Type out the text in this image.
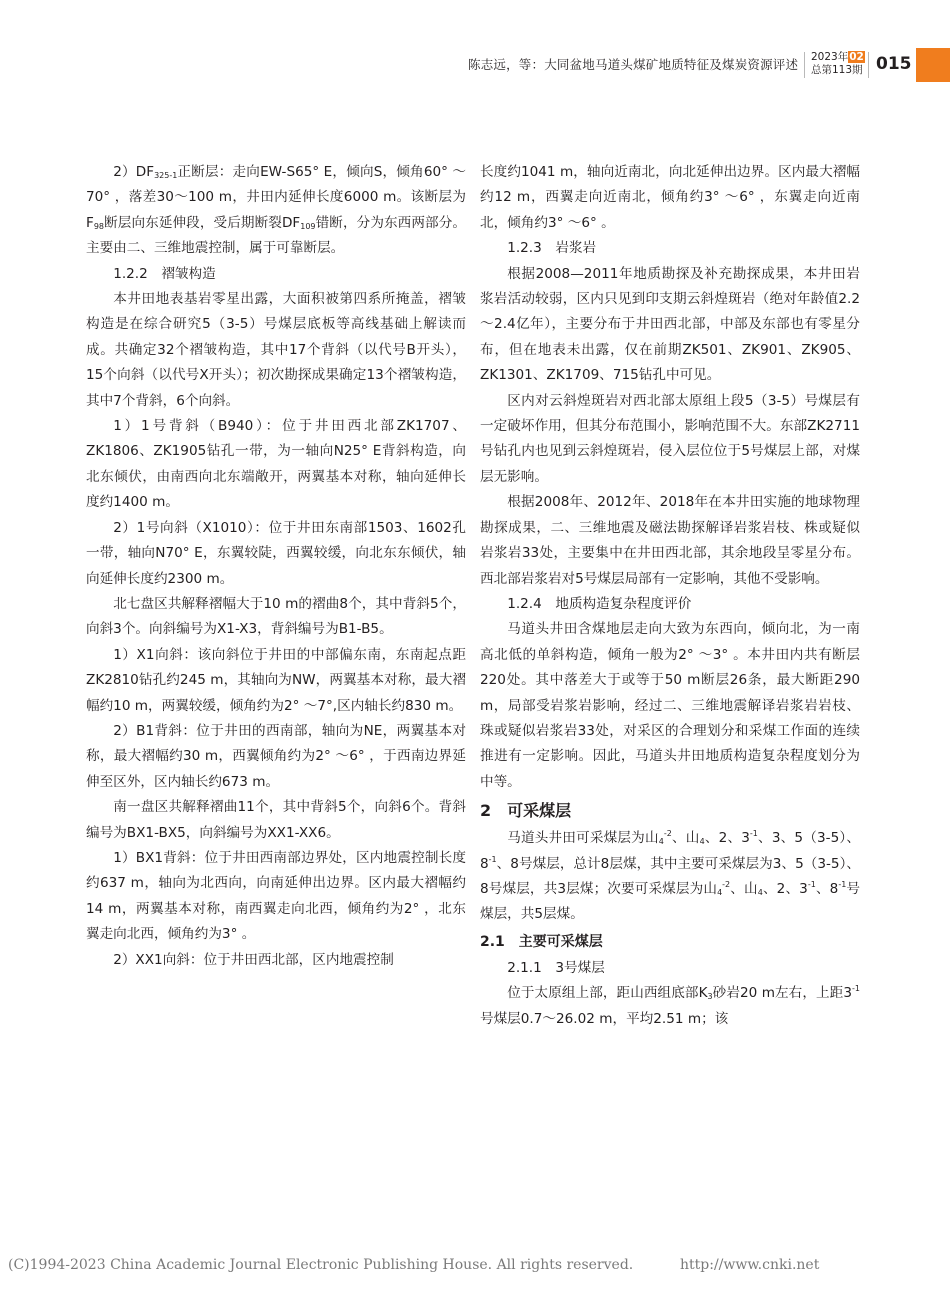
陈志远，等：大同盆地马道头煤矿地质特征及煤炭资源评述 2023年02
总第113期 015

$2)DF_{325-1}$正断层：走向EW-S65° E，倾向S，倾角60° ～70° ，落差30～100 m，井田内延伸长度6000 m。该断层为$F_{98}$断层向东延伸段，受后期断裂$DF_{109}$错断，分为东西两部分。主要由二、三维地震控制，属于可靠断层。

1.2.2　褶皱构造

本井田地表基岩零星出露，大面积被第四系所掩盖，褶皱构造是在综合研究5（3-5）号煤层底板等高线基础上解读而成。共确定32个褶皱构造，其中17个背斜（以代号B开头），15个向斜（以代号X开头）；初次勘探成果确定13个褶皱构造，其中7个背斜，6个向斜。

1）1号背斜（B940）：位于井田西北部ZK1707、ZK1806、ZK1905钻孔一带，为一轴向N25° E背斜构造，向北东倾伏，由南西向北东端敞开，两翼基本对称，轴向延伸长度约1400 m。

2）1号向斜（X1010）：位于井田东南部1503、1602孔一带，轴向N70° E，东翼较陡，西翼较缓，向北东东倾伏，轴向延伸长度约2300 m。

北七盘区共解释褶幅大于10 m的褶曲8个，其中背斜5个，向斜3个。向斜编号为X1-X3，背斜编号为B1-B5。

1）X1向斜：该向斜位于井田的中部偏东南，东南起点距ZK2810钻孔约245 m，其轴向为NW，两翼基本对称，最大褶幅约10 m，两翼较缓，倾角约为2° ～7°,区内轴长约830 m。

2）B1背斜：位于井田的西南部，轴向为NE，两翼基本对称，最大褶幅约30 m，西翼倾角约为2° ～6° ，于西南边界延伸至区外，区内轴长约673 m。

南一盘区共解释褶曲11个，其中背斜5个，向斜6个。背斜编号为BX1-BX5，向斜编号为XX1-XX6。

1）BX1背斜：位于井田西南部边界处，区内地震控制长度约637 m，轴向为北西向，向南延伸出边界。区内最大褶幅约14 m，两翼基本对称，南西翼走向北西，倾角约为2° ，北东翼走向北西，倾角约为3° 。

2）XX1向斜：位于井田西北部，区内地震控制

长度约1041 m，轴向近南北，向北延伸出边界。区内最大褶幅约12 m，西翼走向近南北，倾角约3° ～6° ，东翼走向近南北，倾角约3° ～6° 。

1.2.3　岩浆岩

根据2008—2011年地质勘探及补充勘探成果，本井田岩浆岩活动较弱，区内只见到印支期云斜煌斑岩（绝对年龄值2.2～2.4亿年），主要分布于井田西北部，中部及东部也有零星分布，但在地表未出露，仅在前期ZK501、ZK901、ZK905、ZK1301、ZK1709、715钻孔中可见。

区内对云斜煌斑岩对西北部太原组上段5（3-5）号煤层有一定破坏作用，但其分布范围小，影响范围不大。东部ZK2711号钻孔内也见到云斜煌斑岩，侵入层位位于5号煤层上部，对煤层无影响。

根据2008年、2012年、2018年在本井田实施的地球物理勘探成果，二、三维地震及磁法勘探解译岩浆岩枝、株或疑似岩浆岩33处，主要集中在井田西北部，其余地段呈零星分布。西北部岩浆岩对5号煤层局部有一定影响，其他不受影响。

1.2.4　地质构造复杂程度评价

马道头井田含煤地层走向大致为东西向，倾向北，为一南高北低的单斜构造，倾角一般为2° ～3° 。本井田内共有断层220处。其中落差大于或等于50 m断层26条，最大断距290 m，局部受岩浆岩影响，经过二、三维地震解译岩浆岩岩枝、珠或疑似岩浆岩33处，对采区的合理划分和采煤工作面的连续推进有一定影响。因此，马道头井田地质构造复杂程度划分为中等。

2　可采煤层

马道头井田可采煤层为山$_4^{-2}$、山$_4$、2、$3^{-1}$、3、5（3-5）、$8^{-1}$、8号煤层，总计8层煤，其中主要可采煤层为3、5（3-5）、8号煤层，共3层煤；次要可采煤层为山$_4^{-2}$、山$_4$、2、$3^{-1}$、$8^{-1}$号煤层，共5层煤。

2.1　主要可采煤层

2.1.1　3号煤层

位于太原组上部，距山西组底部$K_3$砂岩20 m左右，上距$3^{-1}$号煤层0.7～26.02 m，平均2.51 m；该

(C)1994-2023 China Academic Journal Electronic Publishing House. All rights reserved.	http://www.cnki.net
